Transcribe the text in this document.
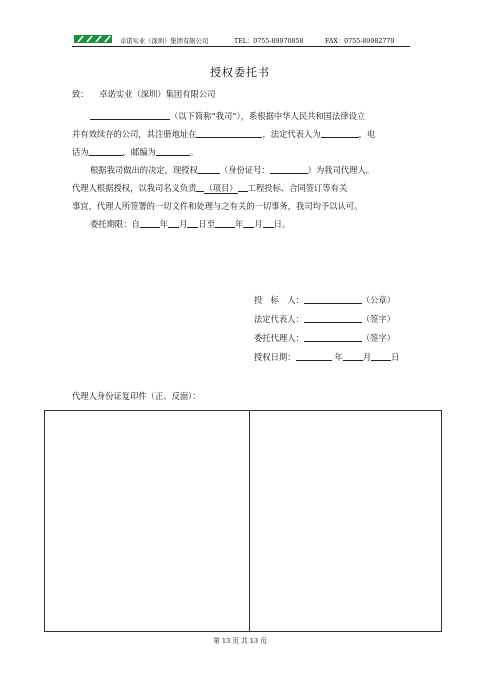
卓诺实业（深圳）集团有限公司	TEL：0755-89970858	FAX：0755-89982779
授权委托书
致： 卓诺实业（深圳）集团有限公司
（以下简称“我司”），系根据中华人民共和国法律设立
并有效续存的公司，其注册地址在	，法定代表人为	，电
话为	，邮编为	。
根据我司做出的决定，现授权	（身份证号：	）为我司代理人。
代理人根据授权，以我司名义负责 （项目） 工程投标、合同签订等有关
事宜，代理人所签署的一切文件和处理与之有关的一切事务，我司均予以认可。
委托期限：自 年 月 日至 年 月 日。
投　标　人：	（公章）
法定代表人：	（签字）
委托代理人：	（签字）
授权日期：	年 月 日
代理人身份证复印件（正、反面）：
第 13 页 共 13 页
